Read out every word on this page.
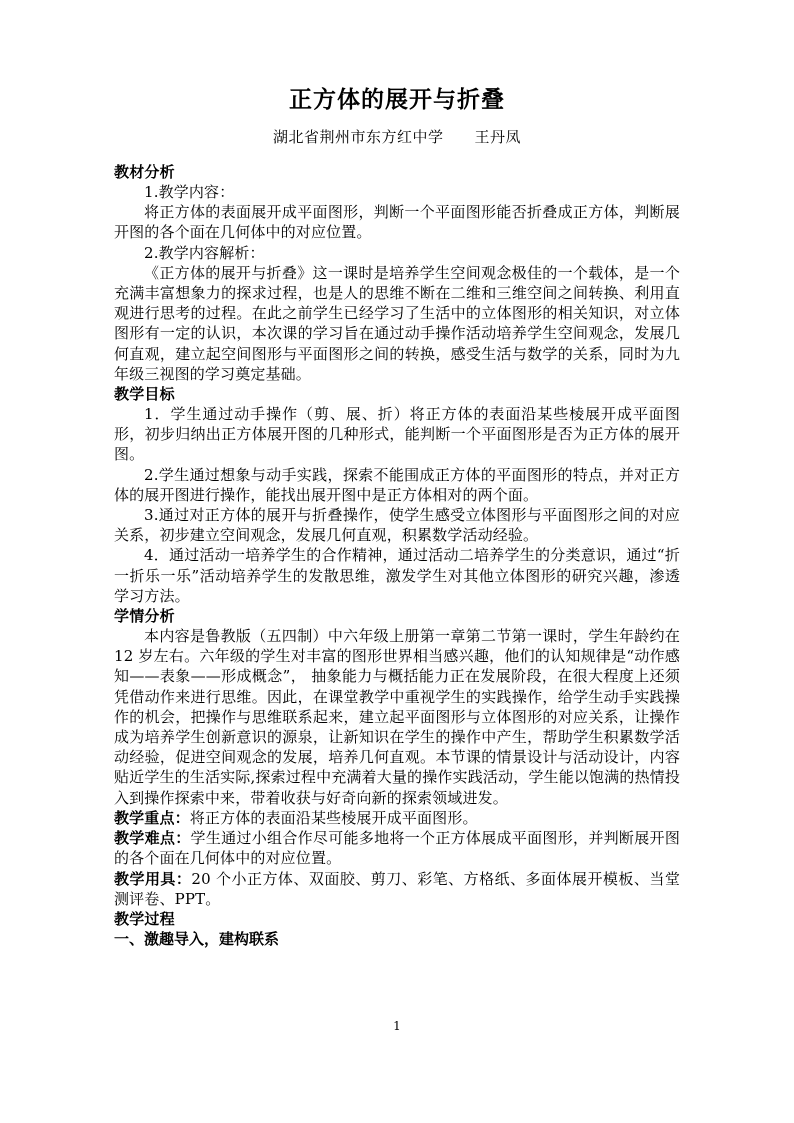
正方体的展开与折叠
湖北省荆州市东方红中学　　王丹凤
教材分析

1.教学内容：

将正方体的表面展开成平面图形，判断一个平面图形能否折叠成正方体，判断展开图的各个面在几何体中的对应位置。

2.教学内容解析：

《正方体的展开与折叠》这一课时是培养学生空间观念极佳的一个载体，是一个充满丰富想象力的探求过程，也是人的思维不断在二维和三维空间之间转换、利用直观进行思考的过程。在此之前学生已经学习了生活中的立体图形的相关知识，对立体图形有一定的认识，本次课的学习旨在通过动手操作活动培养学生空间观念，发展几何直观，建立起空间图形与平面图形之间的转换，感受生活与数学的关系，同时为九年级三视图的学习奠定基础。

教学目标

1．学生通过动手操作（剪、展、折）将正方体的表面沿某些棱展开成平面图形，初步归纳出正方体展开图的几种形式，能判断一个平面图形是否为正方体的展开图。

2.学生通过想象与动手实践，探索不能围成正方体的平面图形的特点，并对正方体的展开图进行操作，能找出展开图中是正方体相对的两个面。

3.通过对正方体的展开与折叠操作，使学生感受立体图形与平面图形之间的对应关系，初步建立空间观念，发展几何直观，积累数学活动经验。

4．通过活动一培养学生的合作精神，通过活动二培养学生的分类意识，通过“折一折乐一乐”活动培养学生的发散思维，激发学生对其他立体图形的研究兴趣，渗透学习方法。

学情分析

本内容是鲁教版（五四制）中六年级上册第一章第二节第一课时，学生年龄约在 12 岁左右。六年级的学生对丰富的图形世界相当感兴趣，他们的认知规律是“动作感知——表象——形成概念”， 抽象能力与概括能力正在发展阶段，在很大程度上还须凭借动作来进行思维。因此，在课堂教学中重视学生的实践操作，给学生动手实践操作的机会，把操作与思维联系起来，建立起平面图形与立体图形的对应关系，让操作成为培养学生创新意识的源泉，让新知识在学生的操作中产生，帮助学生积累数学活动经验，促进空间观念的发展，培养几何直观。本节课的情景设计与活动设计，内容贴近学生的生活实际,探索过程中充满着大量的操作实践活动，学生能以饱满的热情投入到操作探索中来，带着收获与好奇向新的探索领域进发。

教学重点：将正方体的表面沿某些棱展开成平面图形。

教学难点：学生通过小组合作尽可能多地将一个正方体展成平面图形，并判断展开图的各个面在几何体中的对应位置。

教学用具：20 个小正方体、双面胶、剪刀、彩笔、方格纸、多面体展开模板、当堂测评卷、PPT。

教学过程
一、激趣导入，建构联系
1
